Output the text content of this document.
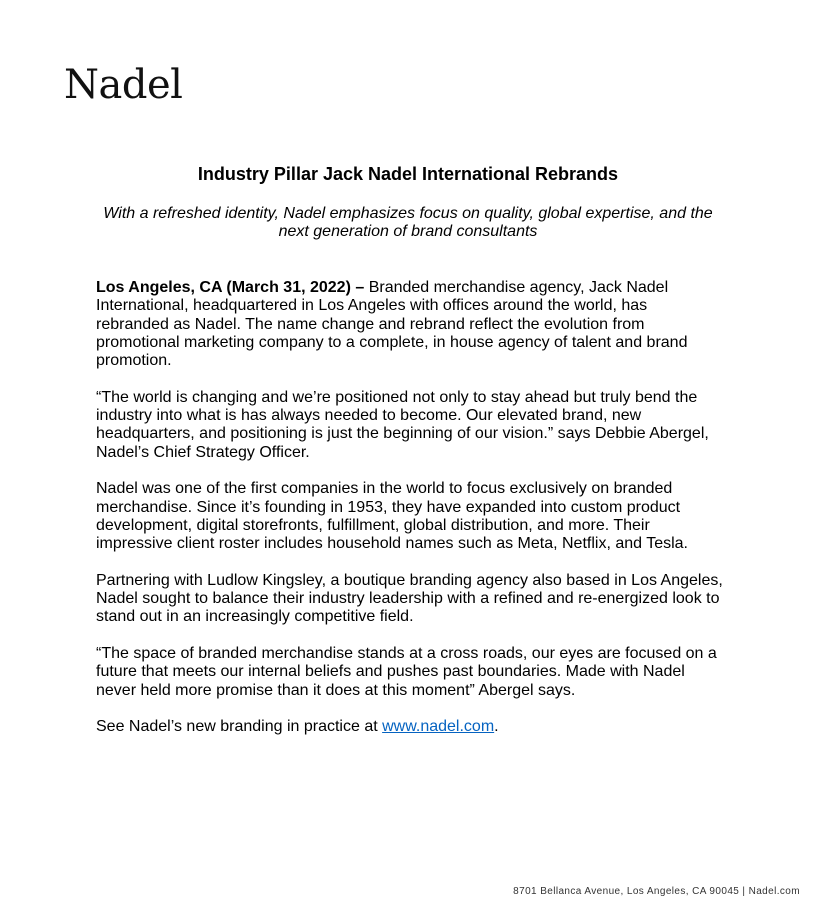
Nadel
Industry Pillar Jack Nadel International Rebrands
With a refreshed identity, Nadel emphasizes focus on quality, global expertise, and the next generation of brand consultants

Los Angeles, CA (March 31, 2022) – Branded merchandise agency, Jack Nadel International, headquartered in Los Angeles with offices around the world, has rebranded as Nadel. The name change and rebrand reflect the evolution from promotional marketing company to a complete, in house agency of talent and brand promotion.

“The world is changing and we’re positioned not only to stay ahead but truly bend the industry into what is has always needed to become. Our elevated brand, new headquarters, and positioning is just the beginning of our vision.” says Debbie Abergel, Nadel’s Chief Strategy Officer.

Nadel was one of the first companies in the world to focus exclusively on branded merchandise. Since it’s founding in 1953, they have expanded into custom product development, digital storefronts, fulfillment, global distribution, and more. Their impressive client roster includes household names such as Meta, Netflix, and Tesla.

Partnering with Ludlow Kingsley, a boutique branding agency also based in Los Angeles, Nadel sought to balance their industry leadership with a refined and re-energized look to stand out in an increasingly competitive field.

“The space of branded merchandise stands at a cross roads, our eyes are focused on a future that meets our internal beliefs and pushes past boundaries. Made with Nadel never held more promise than it does at this moment” Abergel says.

See Nadel’s new branding in practice at www.nadel.com.

8701 Bellanca Avenue, Los Angeles, CA 90045 | Nadel.com
